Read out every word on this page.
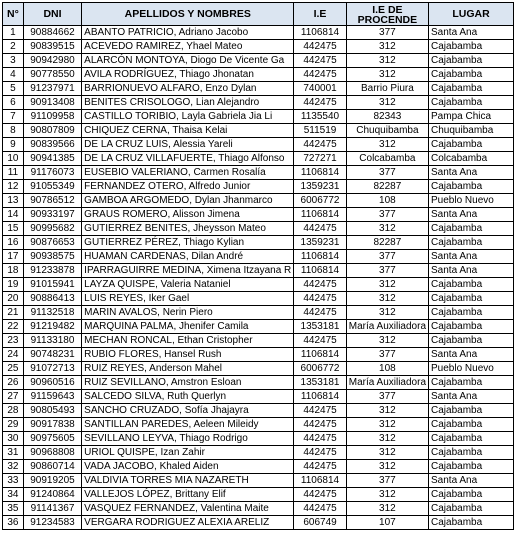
N°	DNI	APELLIDOS Y NOMBRES	I.E	I.E DE PROCENDE	LUGAR
1	90884662	ABANTO PATRICIO, Adriano Jacobo	1106814	377	Santa Ana
2	90839515	ACEVEDO RAMIREZ, Yhael Mateo	442475	312	Cajabamba
3	90942980	ALARCÓN MONTOYA, Diogo De Vicente Ga	442475	312	Cajabamba
4	90778550	AVILA RODRÍGUEZ, Thiago Jhonatan	442475	312	Cajabamba
5	91237971	BARRIONUEVO ALFARO, Enzo Dylan	740001	Barrio Piura	Cajabamba
6	90913408	BENITES CRISOLOGO, Lian Alejandro	442475	312	Cajabamba
7	91109958	CASTILLO TORIBIO, Layla Gabriela Jia Li	1135540	82343	Pampa Chica
8	90807809	CHIQUEZ CERNA, Thaisa Kelai	511519	Chuquibamba	Chuquibamba
9	90839566	DE LA CRUZ LUIS, Alessia Yareli	442475	312	Cajabamba
10	90941385	DE LA CRUZ VILLAFUERTE, Thiago Alfonso	727271	Colcabamba	Colcabamba
11	91176073	EUSEBIO VALERIANO, Carmen Rosalía	1106814	377	Santa Ana
12	91055349	FERNANDEZ OTERO, Alfredo Junior	1359231	82287	Cajabamba
13	90786512	GAMBOA ARGOMEDO, Dylan Jhanmarco	6006772	108	Pueblo Nuevo
14	90933197	GRAUS ROMERO, Alisson Jimena	1106814	377	Santa Ana
15	90995682	GUTIERREZ BENITES, Jheysson Mateo	442475	312	Cajabamba
16	90876653	GUTIERREZ PÉREZ, Thiago Kylian	1359231	82287	Cajabamba
17	90938575	HUAMAN CARDENAS, Dilan André	1106814	377	Santa Ana
18	91233878	IPARRAGUIRRE MEDINA, Ximena Itzayana R	1106814	377	Santa Ana
19	91015941	LAYZA QUISPE, Valeria Nataniel	442475	312	Cajabamba
20	90886413	LUIS REYES, Iker Gael	442475	312	Cajabamba
21	91132518	MARIN AVALOS, Nerin Piero	442475	312	Cajabamba
22	91219482	MARQUINA PALMA, Jhenifer Camila	1353181	María Auxiliadora	Cajabamba
23	91133180	MECHAN RONCAL, Ethan Cristopher	442475	312	Cajabamba
24	90748231	RUBIO FLORES, Hansel Rush	1106814	377	Santa Ana
25	91072713	RUIZ REYES, Anderson Mahel	6006772	108	Pueblo Nuevo
26	90960516	RUIZ SEVILLANO, Amstron Esloan	1353181	María Auxiliadora	Cajabamba
27	91159643	SALCEDO SILVA, Ruth Querlyn	1106814	377	Santa Ana
28	90805493	SANCHO CRUZADO, Sofía Jhajayra	442475	312	Cajabamba
29	90917838	SANTILLAN PAREDES, Aeleen Mileidy	442475	312	Cajabamba
30	90975605	SEVILLANO LEYVA, Thiago Rodrigo	442475	312	Cajabamba
31	90968808	URIOL QUISPE, Izan Zahir	442475	312	Cajabamba
32	90860714	VADA JACOBO, Khaled Aiden	442475	312	Cajabamba
33	90919205	VALDIVIA TORRES MIA NAZARETH	1106814	377	Santa Ana
34	91240864	VALLEJOS LÓPEZ, Brittany Elif	442475	312	Cajabamba
35	91141367	VASQUEZ FERNANDEZ, Valentina Maite	442475	312	Cajabamba
36	91234583	VERGARA RODRIGUEZ ALEXIA ARELIZ	606749	107	Cajabamba
